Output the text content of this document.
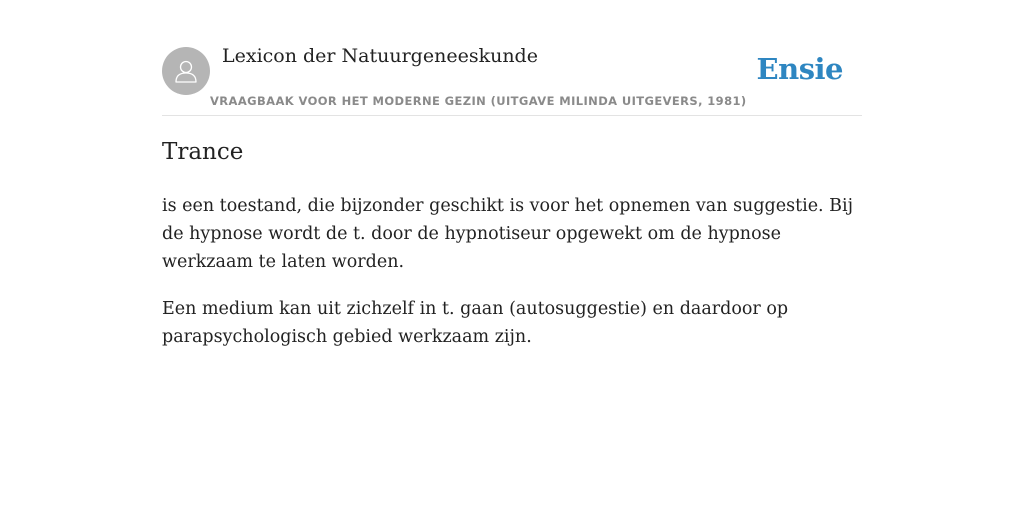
Lexicon der Natuurgeneeskunde
VRAAGBAAK VOOR HET MODERNE GEZIN (UITGAVE MILINDA UITGEVERS, 1981)
Ensie
Trance

is een toestand, die bijzonder geschikt is voor het opnemen van suggestie. Bij de hypnose wordt de t. door de hypnotiseur opgewekt om de hypnose werkzaam te laten worden.

Een medium kan uit zichzelf in t. gaan (autosuggestie) en daardoor op parapsychologisch gebied werkzaam zijn.
